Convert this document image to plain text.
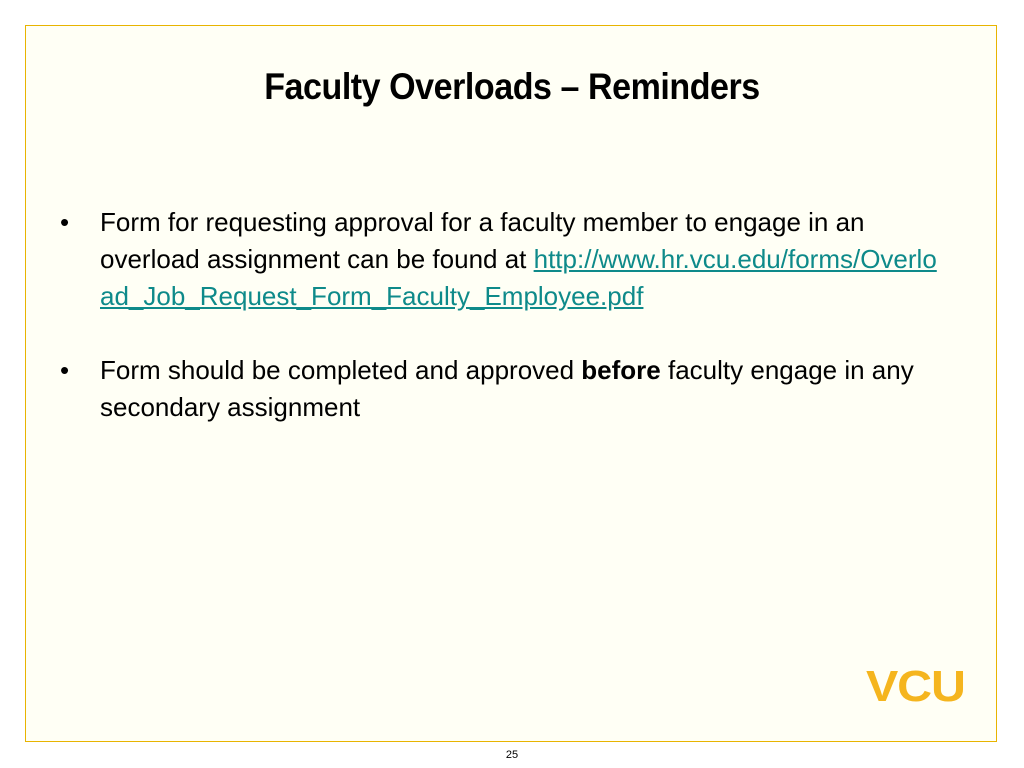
Faculty Overloads – Reminders
• Form for requesting approval for a faculty member to engage in an overload assignment can be found at http://www.hr.vcu.edu/forms/Overload_Job_Request_Form_Faculty_Employee.pdf
• Form should be completed and approved before faculty engage in any secondary assignment
VCU
25
